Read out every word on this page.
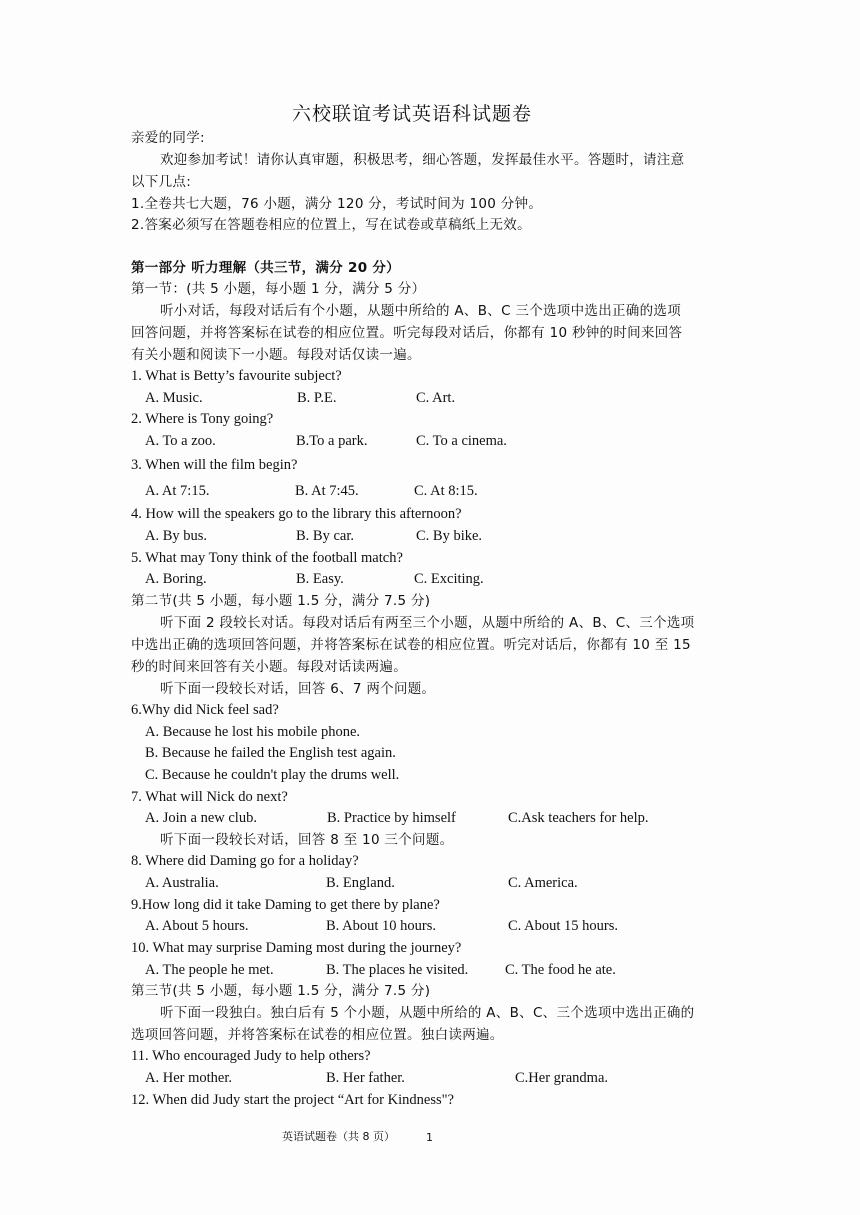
六校联谊考试英语科试题卷
亲爱的同学:
欢迎参加考试！请你认真审题，积极思考，细心答题，发挥最佳水平。答题时，请注意
以下几点:
1.全卷共七大题，76 小题，满分 120 分，考试时间为 100 分钟。
2.答案必须写在答题卷相应的位置上，写在试卷或草稿纸上无效。
第一部分 听力理解（共三节，满分 20 分）
第一节：(共 5 小题，每小题 1 分，满分 5 分）
听小对话，每段对话后有个小题，从题中所给的 A、B、C 三个选项中选出正确的选项
回答问题，并将答案标在试卷的相应位置。听完每段对话后，你都有 10 秒钟的时间来回答
有关小题和阅读下一小题。每段对话仅读一遍。
1. What is Betty’s favourite subject?
A. Music.	B. P.E.	C. Art.
2. Where is Tony going?
A. To a zoo.	B.To a park.	C. To a cinema.
3. When will the film begin?
A. At 7:15.	B. At 7:45.	C. At 8:15.
4. How will the speakers go to the library this afternoon?
A. By bus.	B. By car.	C. By bike.
5. What may Tony think of the football match?
A. Boring.	B. Easy.	C. Exciting.
第二节(共 5 小题，每小题 1.5 分，满分 7.5 分)
听下面 2 段较长对话。每段对话后有两至三个小题，从题中所给的 A、B、C、三个选项
中选出正确的选项回答问题，并将答案标在试卷的相应位置。听完对话后，你都有 10 至 15
秒的时间来回答有关小题。每段对话读两遍。
听下面一段较长对话，回答 6、7 两个问题。
6.Why did Nick feel sad?
A. Because he lost his mobile phone.
B. Because he failed the English test again.
C. Because he couldn't play the drums well.
7. What will Nick do next?
A. Join a new club.	B. Practice by himself	C.Ask teachers for help.
听下面一段较长对话，回答 8 至 10 三个问题。
8. Where did Daming go for a holiday?
A. Australia.	B. England.	C. America.
9.How long did it take Daming to get there by plane?
A. About 5 hours.	B. About 10 hours.	C. About 15 hours.
10. What may surprise Daming most during the journey?
A. The people he met.	B. The places he visited.	C. The food he ate.
第三节(共 5 小题，每小题 1.5 分，满分 7.5 分)
听下面一段独白。独白后有 5 个小题，从题中所给的 A、B、C、三个选项中选出正确的
选项回答问题，并将答案标在试卷的相应位置。独白读两遍。
11. Who encouraged Judy to help others?
A. Her mother.	B. Her father.	C.Her grandma.
12. When did Judy start the project “Art for Kindness"?
英语试题卷（共 8 页）	1
